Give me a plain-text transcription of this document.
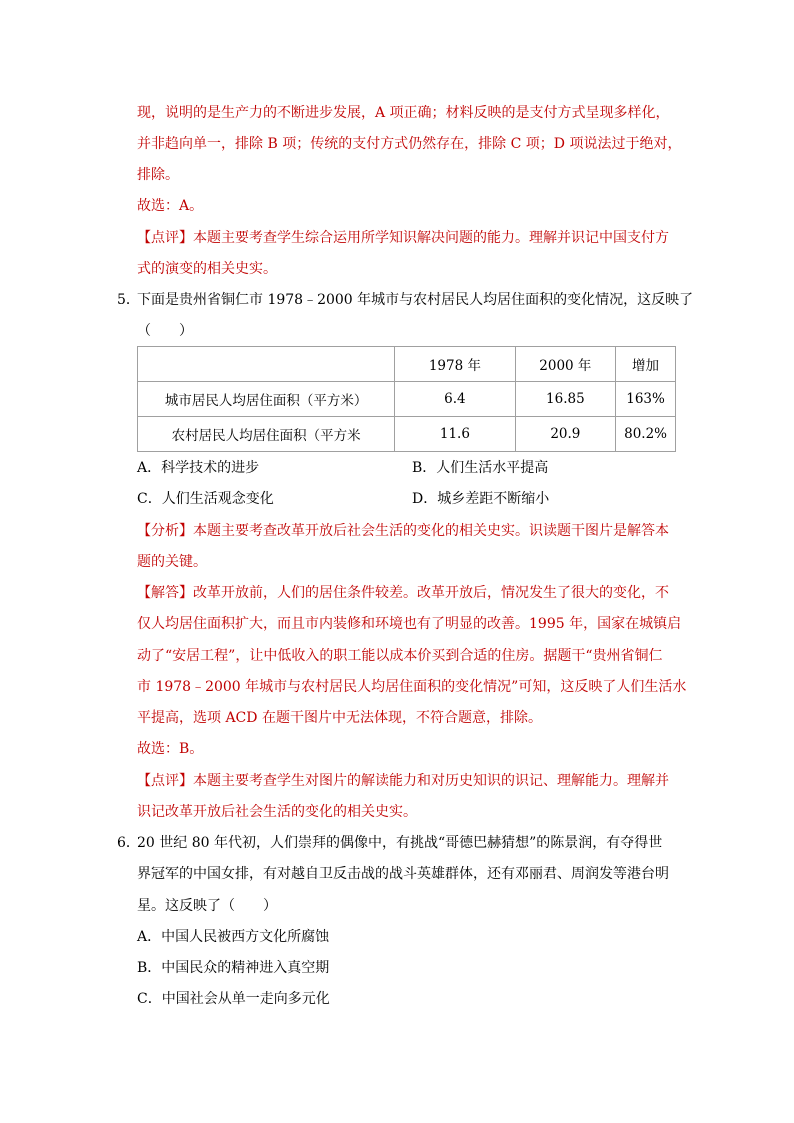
现，说明的是生产力的不断进步发展，A 项正确；材料反映的是支付方式呈现多样化，
并非趋向单一，排除 B 项；传统的支付方式仍然存在，排除 C 项；D 项说法过于绝对，
排除。
故选：A。
【点评】本题主要考查学生综合运用所学知识解决问题的能力。理解并识记中国支付方
式的演变的相关史实。
5．
下面是贵州省铜仁市 1978﹣2000 年城市与农村居民人均居住面积的变化情况，这反映了
（　　）
	1978 年	2000 年	增加
城市居民人均居住面积（平方米）	6.4	16.85	163%
农村居民人均居住面积（平方米	11.6	20.9	80.2%
A．科学技术的进步	B．人们生活水平提高
C．人们生活观念变化	D．城乡差距不断缩小
【分析】本题主要考查改革开放后社会生活的变化的相关史实。识读题干图片是解答本
题的关键。
【解答】改革开放前，人们的居住条件较差。改革开放后，情况发生了很大的变化，不
仅人均居住面积扩大，而且市内装修和环境也有了明显的改善。1995 年，国家在城镇启
动了“安居工程”，让中低收入的职工能以成本价买到合适的住房。据题干“贵州省铜仁
市 1978﹣2000 年城市与农村居民人均居住面积的变化情况”可知，这反映了人们生活水
平提高，选项 ACD 在题干图片中无法体现，不符合题意，排除。
故选：B。
【点评】本题主要考查学生对图片的解读能力和对历史知识的识记、理解能力。理解并
识记改革开放后社会生活的变化的相关史实。
6．
20 世纪 80 年代初，人们崇拜的偶像中，有挑战“哥德巴赫猜想”的陈景润，有夺得世
界冠军的中国女排，有对越自卫反击战的战斗英雄群体，还有邓丽君、周润发等港台明
星。这反映了（　　）
A．中国人民被西方文化所腐蚀
B．中国民众的精神进入真空期
C．中国社会从单一走向多元化
